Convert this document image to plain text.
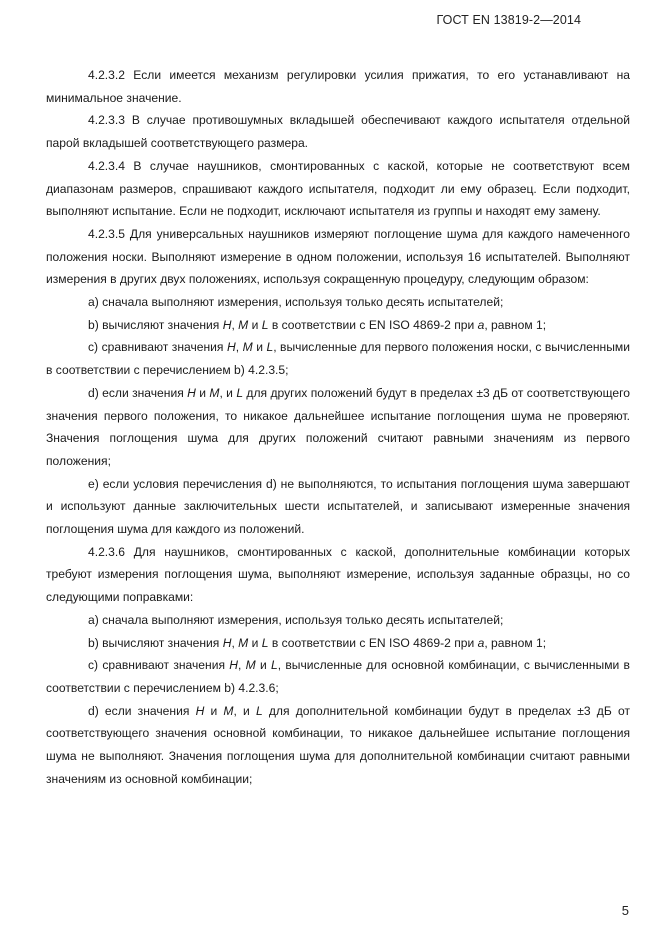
ГОСТ EN 13819-2—2014

4.2.3.2 Если имеется механизм регулировки усилия прижатия, то его устанавливают на минимальное значение.

4.2.3.3 В случае противошумных вкладышей обеспечивают каждого испытателя отдельной парой вкладышей соответствующего размера.

4.2.3.4 В случае наушников, смонтированных с каской, которые не соответствуют всем диапазонам размеров, спрашивают каждого испытателя, подходит ли ему образец. Если подходит, выполняют испытание. Если не подходит, исключают испытателя из группы и находят ему замену.

4.2.3.5 Для универсальных наушников измеряют поглощение шума для каждого намеченного положения носки. Выполняют измерение в одном положении, используя 16 испытателей. Выполняют измерения в других двух положениях, используя сокращенную процедуру, следующим образом:

а) сначала выполняют измерения, используя только десять испытателей;

b) вычисляют значения H, M и L в соответствии с EN ISO 4869-2 при а, равном 1;

с) сравнивают значения H, M и L, вычисленные для первого положения носки, с вычисленными в соответствии с перечислением b) 4.2.3.5;

d) если значения H и M, и L для других положений будут в пределах ±3 дБ от соответствующего значения первого положения, то никакое дальнейшее испытание поглощения шума не проверяют. Значения поглощения шума для других положений считают равными значениям из первого положения;

е) если условия перечисления d) не выполняются, то испытания поглощения шума завершают и используют данные заключительных шести испытателей, и записывают измеренные значения поглощения шума для каждого из положений.

4.2.3.6 Для наушников, смонтированных с каской, дополнительные комбинации которых требуют измерения поглощения шума, выполняют измерение, используя заданные образцы, но со следующими поправками:

а) сначала выполняют измерения, используя только десять испытателей;

b) вычисляют значения H, M и L в соответствии с EN ISO 4869-2 при а, равном 1;

с) сравнивают значения H, M и L, вычисленные для основной комбинации, с вычисленными в соответствии с перечислением b) 4.2.3.6;

d) если значения H и M, и L для дополнительной комбинации будут в пределах ±3 дБ от соответствующего значения основной комбинации, то никакое дальнейшее испытание поглощения шума не выполняют. Значения поглощения шума для дополнительной комбинации считают равными значениям из основной комбинации;

5
